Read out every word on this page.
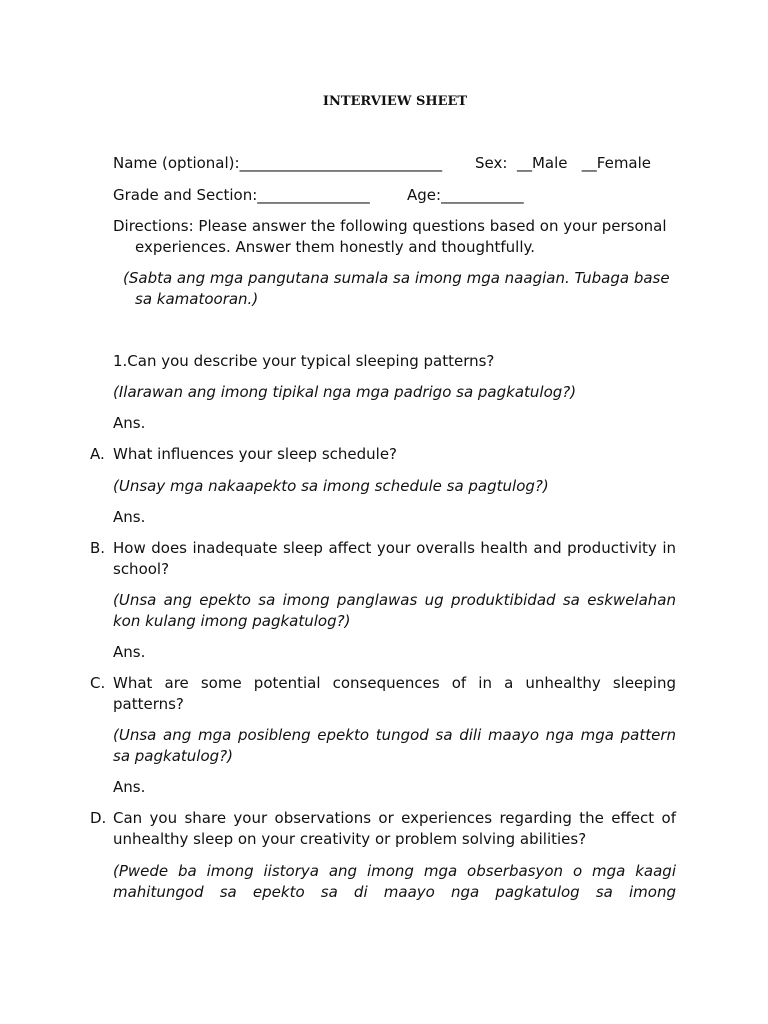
INTERVIEW SHEET
Name (optional):___________________________ Sex:  __Male   __Female
Grade and Section:_______________ Age:___________
Directions: Please answer the following questions based on your personal experiences. Answer them honestly and thoughtfully.
(Sabta ang mga pangutana sumala sa imong mga naagian. Tubaga base sa kamatooran.)
1.Can you describe your typical sleeping patterns?
(Ilarawan ang imong tipikal nga mga padrigo sa pagkatulog?)
Ans.
A. What influences your sleep schedule?
(Unsay mga nakaapekto sa imong schedule sa pagtulog?)
Ans.
B. How does inadequate sleep affect your overalls health and productivity in
school?
(Unsa ang epekto sa imong panglawas ug produktibidad sa eskwelahan
kon kulang imong pagkatulog?)
Ans.
C. What are some potential consequences of in a unhealthy sleeping
patterns?
(Unsa ang mga posibleng epekto tungod sa dili maayo nga mga pattern
sa pagkatulog?)
Ans.
D. Can you share your observations or experiences regarding the effect of
unhealthy sleep on your creativity or problem solving abilities?
(Pwede ba imong iistorya ang imong mga obserbasyon o mga kaagi
mahitungod sa epekto sa di maayo nga pagkatulog sa imong
